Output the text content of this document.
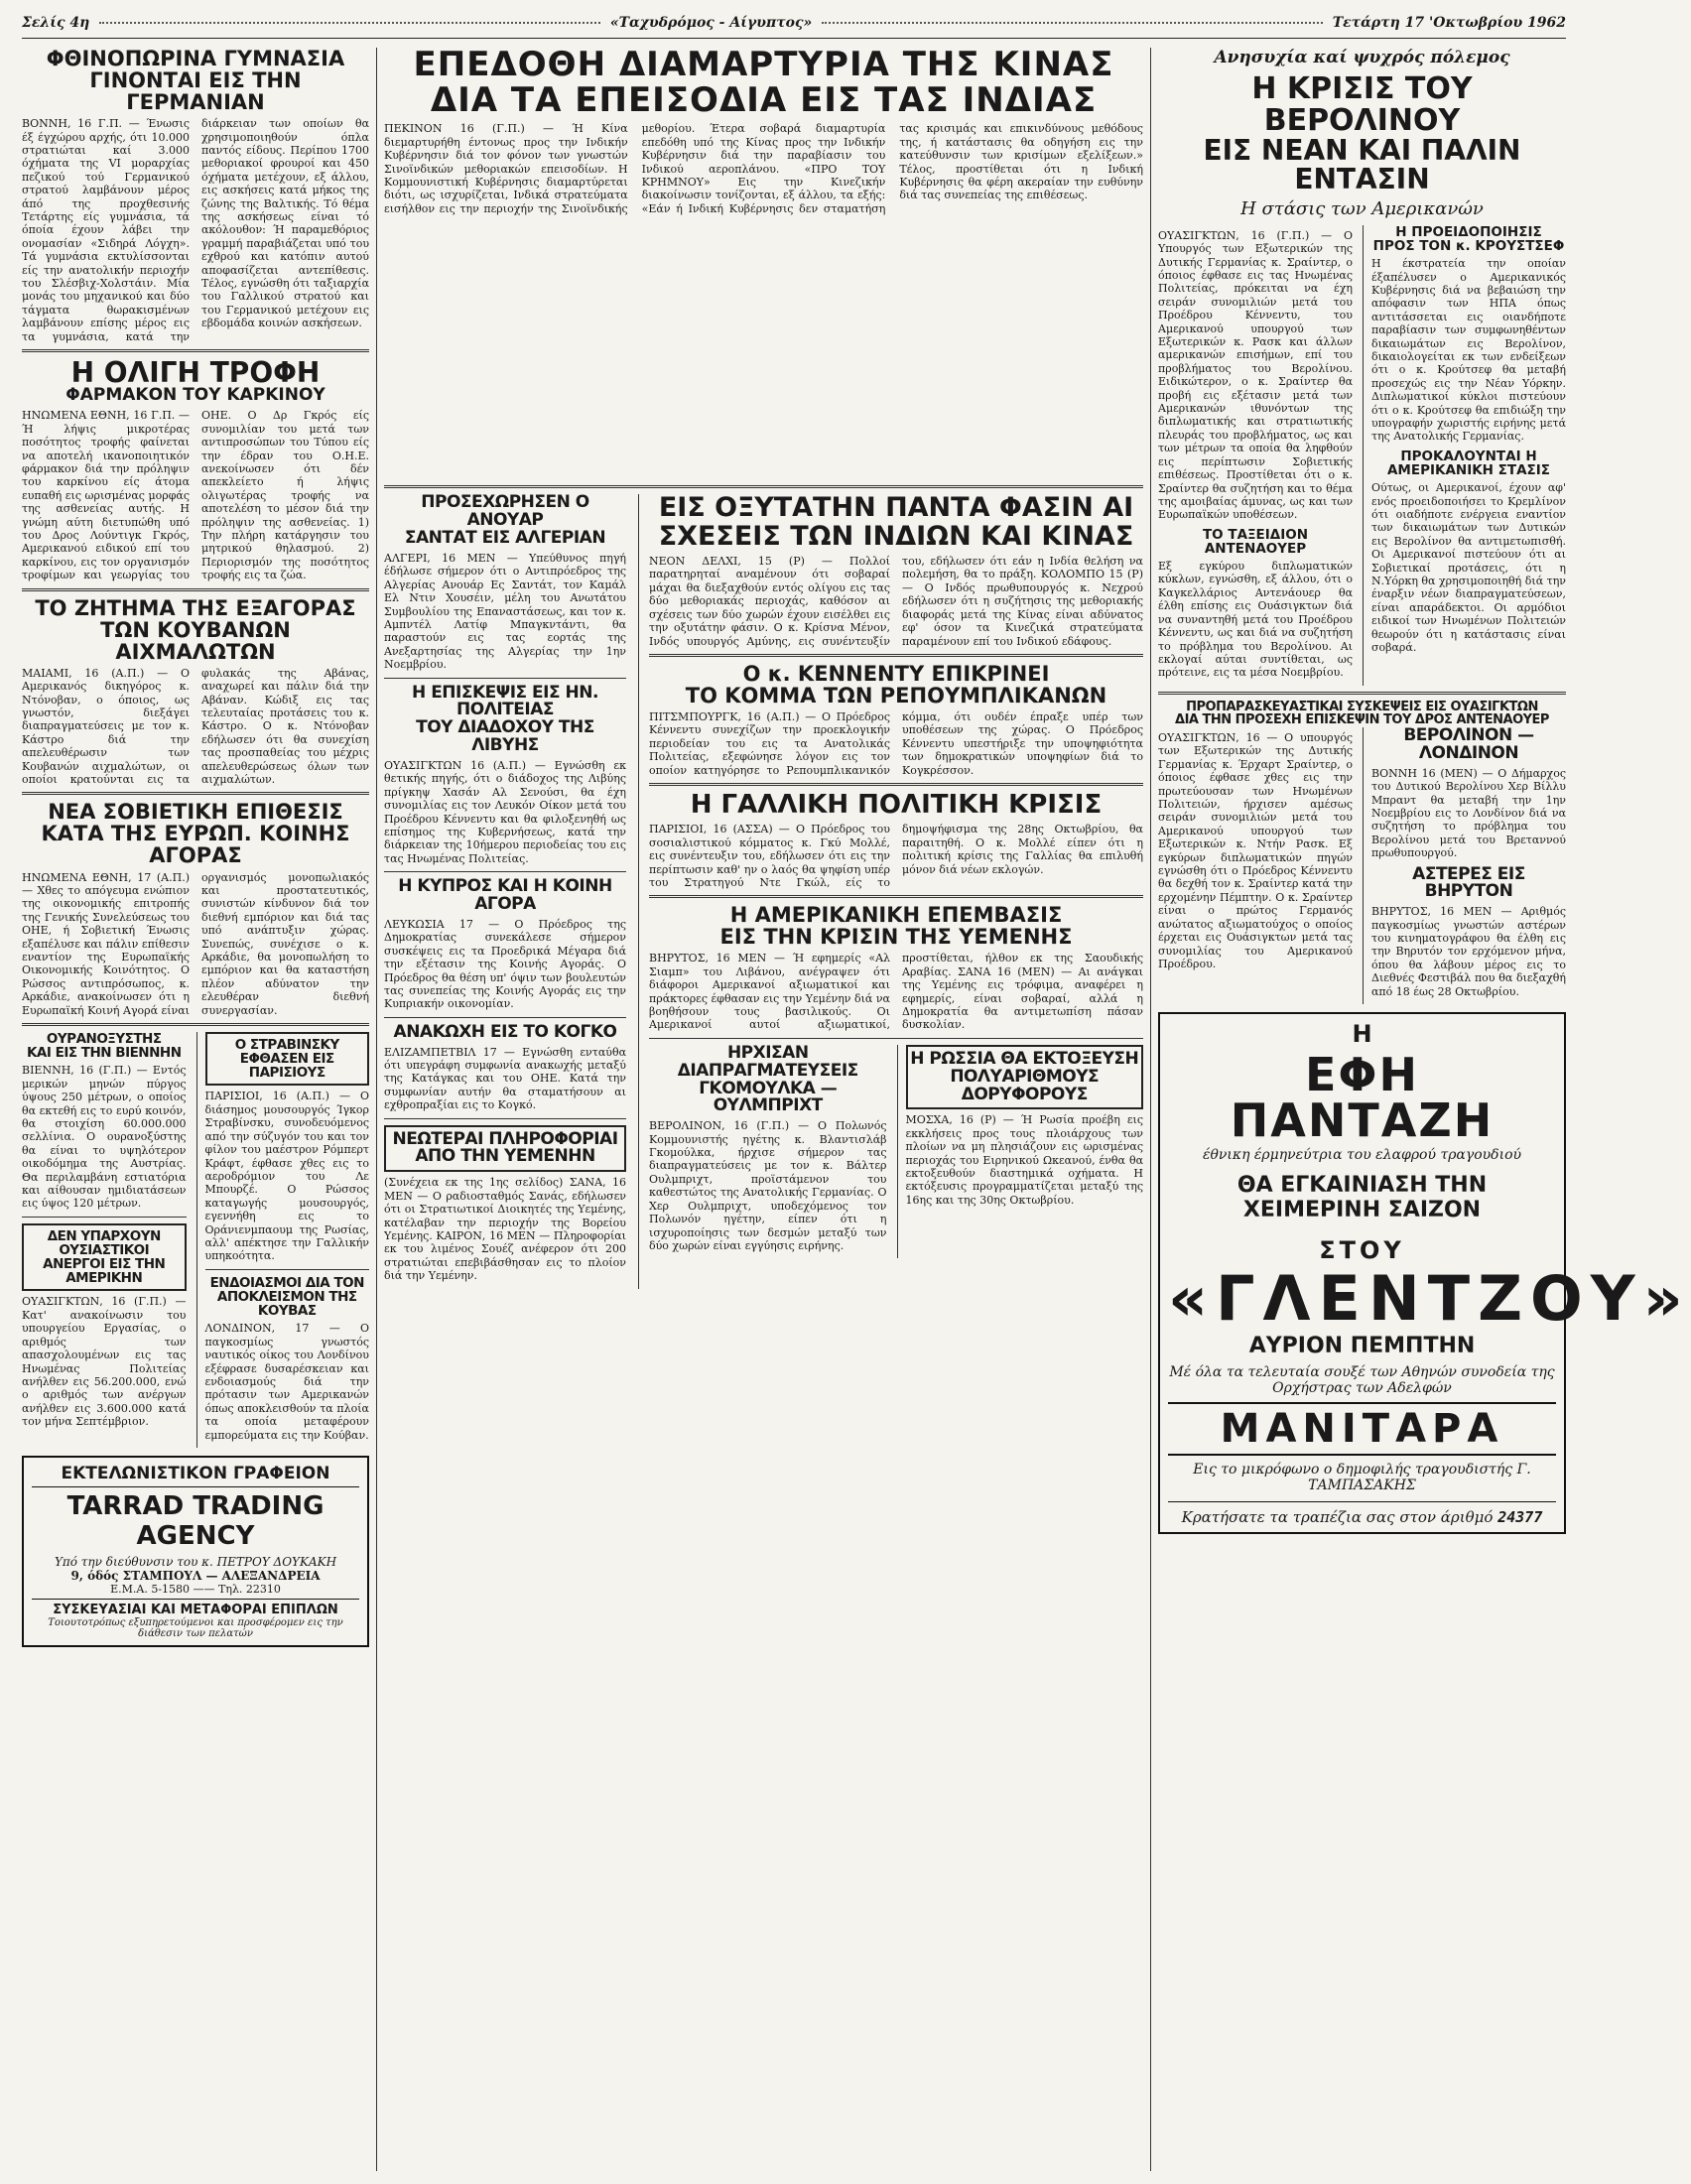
Σελίς 4η	«Ταχυδρόμος - Αίγυπτος»	Τετάρτη 17 'Οκτωβρίου 1962
ΦΘΙΝΟΠΩΡΙΝΑ ΓΥΜΝΑΣΙΑ ΓΙΝΟΝΤΑΙ ΕΙΣ ΤΗΝ ΓΕΡΜΑΝΙΑΝ
ΒΟΝΝΗ, 16 Γ.Π. — Ένωσις έξ έγχώρου αρχής, ότι 10.000 στρατιώται καί 3.000 όχήματα της VI μοραρχίας πεζικού τού Γερμανικού στρατού λαμβάνουν μέρος άπό της προχθεσινής Τετάρτης είς γυμνάσια, τά όποία έχουν λάβει την ονομασίαν «Σιδηρά Λόγχη». Τά γυμνάσια εκτυλίσσονται είς την ανατολικήν περιοχήν του Σλέσβιχ-Χολστάιν. Μία μονάς του μηχανικού και δύο τάγματα θωρακισμένων λαμβάνουν επίσης μέρος εις τα γυμνάσια, κατά την διάρκειαν των οποίων θα χρησιμοποιηθούν όπλα παντός είδους. Περίπου 1700 μεθοριακοί φρουροί και 450 όχήματα μετέχουν, εξ άλλου, εις ασκήσεις κατά μήκος της ζώνης της Βαλτικής. Τό θέμα της ασκήσεως είναι τό ακόλουθον: Ή παραμεθόριος γραμμή παραβιάζεται υπό του εχθρού και κατόπιν αυτού αποφασίζεται αντεπίθεσις. Τέλος, εγνώσθη ότι ταξιαρχία του Γαλλικού στρατού και του Γερμανικού μετέχουν εις εβδομάδα κοινών ασκήσεων.
Η ΟΛΙΓΗ ΤΡΟΦΗ
ΦΑΡΜΑΚΟΝ ΤΟΥ ΚΑΡΚΙΝΟΥ
ΗΝΩΜΕΝΑ ΕΘΝΗ, 16 Γ.Π. — Ή λήψις μικροτέρας ποσότητος τροφής φαίνεται να αποτελή ικανοποιητικόν φάρμακον διά την πρόληψιν του καρκίνου είς άτομα ευπαθή εις ωρισμένας μορφάς της ασθενείας αυτής. Η γνώμη αύτη διετυπώθη υπό του Δρος Λούντιγκ Γκρός, Αμερικανού ειδικού επί του καρκίνου, εις τον οργανισμόν τροφίμων και γεωργίας του ΟΗΕ. Ο Δρ Γκρός είς συνομιλίαν του μετά των αντιπροσώπων του Τύπου είς την έδραν του Ο.Η.Ε. ανεκοίνωσεν ότι δέν απεκλείετο ή λήψις ολιγωτέρας τροφής να αποτελέση το μέσον διά την πρόληψιν της ασθενείας. 1) Την πλήρη κατάργησιν του μητρικού θηλασμού. 2) Περιορισμόν της ποσότητος τροφής εις τα ζώα.
ΤΟ ΖΗΤΗΜΑ ΤΗΣ ΕΞΑΓΟΡΑΣ
ΤΩΝ ΚΟΥΒΑΝΩΝ ΑΙΧΜΑΛΩΤΩΝ
ΜΑΙΑΜΙ, 16 (Α.Π.) — Ο Αμερικανός δικηγόρος κ. Ντόνοβαν, ο όποιος, ως γνωστόν, διεξάγει διαπραγματεύσεις με τον κ. Κάστρο διά την απελευθέρωσιν των Κουβανών αιχμαλώτων, οι οποίοι κρατούνται εις τα φυλακάς της Αβάνας, αναχωρεί και πάλιν διά την Αβάναν. Κώδιξ εις τας τελευταίας προτάσεις του κ. Κάστρο. Ο κ. Ντόνοβαν εδήλωσεν ότι θα συνεχίση τας προσπαθείας του μέχρις απελευθερώσεως όλων των αιχμαλώτων.
ΝΕΑ ΣΟΒΙΕΤΙΚΗ ΕΠΙΘΕΣΙΣ
ΚΑΤΑ ΤΗΣ ΕΥΡΩΠ. ΚΟΙΝΗΣ ΑΓΟΡΑΣ
ΗΝΩΜΕΝΑ ΕΘΝΗ, 17 (Α.Π.) — Χθες το απόγευμα ενώπιον της οικονομικής επιτροπής της Γενικής Συνελεύσεως του ΟΗΕ, ή Σοβιετική Ένωσις εξαπέλυσε και πάλιν επίθεσιν εναντίον της Ευρωπαϊκής Οικονομικής Κοινότητος. Ο Ρώσσος αντιπρόσωπος, κ. Αρκάδιε, ανακοίνωσεν ότι η Ευρωπαϊκή Κοινή Αγορά είναι οργανισμός μονοπωλιακός και προστατευτικός, συνιστών κίνδυνον διά τον διεθνή εμπόριον και διά τας υπό ανάπτυξιν χώρας. Συνεπώς, συνέχισε ο κ. Αρκάδιε, θα μονοπωλήση το εμπόριον και θα καταστήση πλέον αδύνατον την ελευθέραν διεθνή συνεργασίαν.
ΟΥΡΑΝΟΞΥΣΤΗΣ
ΚΑΙ ΕΙΣ ΤΗΝ ΒΙΕΝΝΗΝ
ΒΙΕΝΝΗ, 16 (Γ.Π.) — Εντός μερικών μηνών πύργος ύψους 250 μέτρων, ο οποίος θα εκτεθή εις το ευρύ κοινόν, θα στοιχίση 60.000.000 σελλίνια. Ο ουρανοξύστης θα είναι το υψηλότερον οικοδόμημα της Αυστρίας. Θα περιλαμβάνη εστιατόρια και αίθουσαν ημιδιατάσεων εις ύψος 120 μέτρων.
ΔΕΝ ΥΠΑΡΧΟΥΝ ΟΥΣΙΑΣΤΙΚΟΙ
ΑΝΕΡΓΟΙ ΕΙΣ ΤΗΝ ΑΜΕΡΙΚΗΝ
ΟΥΑΣΙΓΚΤΩΝ, 16 (Γ.Π.) — Κατ' ανακοίνωσιν του υπουργείου Εργασίας, ο αριθμός των απασχολουμένων εις τας Ηνωμένας Πολιτείας ανήλθεν εις 56.200.000, ενώ ο αριθμός των ανέργων ανήλθεν εις 3.600.000 κατά τον μήνα Σεπτέμβριον.
Ο ΣΤΡΑΒΙΝΣΚΥ
ΕΦΘΑΣΕΝ ΕΙΣ ΠΑΡΙΣΙΟΥΣ
ΠΑΡΙΣΙΟΙ, 16 (Α.Π.) — Ο διάσημος μουσουργός Ίγκορ Στραβίνσκυ, συνοδευόμενος από την σύζυγόν του και τον φίλον του μαέστρον Ρόμπερτ Κράφτ, έφθασε χθες εις το αεροδρόμιον του Λε Μπουρζέ. Ο Ρώσσος καταγωγής μουσουργός, εγεννήθη εις το Οράνιενμπαουμ της Ρωσίας, αλλ' απέκτησε την Γαλλικήν υπηκοότητα.
ΕΝΔΟΙΑΣΜΟΙ ΔΙΑ ΤΟΝ
ΑΠΟΚΛΕΙΣΜΟΝ ΤΗΣ ΚΟΥΒΑΣ
ΛΟΝΔΙΝΟΝ, 17 — Ο παγκοσμίως γνωστός ναυτικός οίκος του Λονδίνου εξέφρασε δυσαρέσκειαν και ενδοιασμούς διά την πρότασιν των Αμερικανών όπως αποκλεισθούν τα πλοία τα οποία μεταφέρουν εμπορεύματα εις την Κούβαν.
ΕΚΤΕΛΩΝΙΣΤΙΚΟΝ ΓΡΑΦΕΙΟΝ
TARRAD TRADING AGENCY
Υπό την διεύθυνσιν του κ. ΠΕΤΡΟΥ ΔΟΥΚΑΚΗ
9, όδός ΣΤΑΜΠΟΥΛ — ΑΛΕΞΑΝΔΡΕΙΑ
Ε.Μ.Α. 5-1580 —— Τηλ. 22310
ΣΥΣΚΕΥΑΣΙΑΙ ΚΑΙ ΜΕΤΑΦΟΡΑΙ ΕΠΙΠΛΩΝ
Τοιουτοτρόπως εξυπηρετούμενοι και προσφέρομεν εις την διάθεσιν των πελατών
ΕΠΕΔΟΘΗ ΔΙΑΜΑΡΤΥΡΙΑ ΤΗΣ ΚΙΝΑΣ
ΔΙΑ ΤΑ ΕΠΕΙΣΟΔΙΑ ΕΙΣ ΤΑΣ ΙΝΔΙΑΣ
ΠΕΚΙΝΟΝ 16 (Γ.Π.) — Ή Κίνα διεμαρτυρήθη έντονως προς την Ινδικήν Κυβέρνησιν διά τον φόνον των γνωστών Σινοϊνδικών μεθοριακών επεισοδίων. Η Κομμουνιστική Κυβέρνησις διαμαρτύρεται διότι, ως ισχυρίζεται, Ινδικά στρατεύματα εισήλθον εις την περιοχήν της Σινοϊνδικής μεθορίου. Έτερα σοβαρά διαμαρτυρία επεδόθη υπό της Κίνας προς την Ινδικήν Κυβέρνησιν διά την παραβίασιν του Ινδικού αεροπλάνου. «ΠΡΟ ΤΟΥ ΚΡΗΜΝΟΥ» Εις την Κινεζικήν διακοίνωσιν τονίζονται, εξ άλλου, τα εξής: «Εάν ή Ινδική Κυβέρνησις δεν σταματήση τας κρισιμάς και επικινδύνους μεθόδους της, ή κατάστασις θα οδηγήση εις την κατεύθυνσιν των κρισίμων εξελίξεων.» Τέλος, προστίθεται ότι η Ινδική Κυβέρνησις θα φέρη ακεραίαν την ευθύνην διά τας συνεπείας της επιθέσεως.
ΠΡΟΣΕΧΩΡΗΣΕΝ Ο ΑΝΟΥΑΡ
ΣΑΝΤΑΤ ΕΙΣ ΑΛΓΕΡΙΑΝ
ΑΛΓΕΡΙ, 16 ΜΕΝ — Υπεύθυνος πηγή έδήλωσε σήμερον ότι ο Αντιπρόεδρος της Αλγερίας Ανουάρ Ες Σαντάτ, τον Καμάλ Ελ Ντιν Χουσέιν, μέλη του Ανωτάτου Συμβουλίου της Επαναστάσεως, και τον κ. Αμπντέλ Λατίφ Μπαγκντάντι, θα παραστούν εις τας εορτάς της Ανεξαρτησίας της Αλγερίας την 1ην Νοεμβρίου.
Η ΕΠΙΣΚΕΨΙΣ ΕΙΣ ΗΝ. ΠΟΛΙΤΕΙΑΣ
ΤΟΥ ΔΙΑΔΟΧΟΥ ΤΗΣ ΛΙΒΥΗΣ
ΟΥΑΣΙΓΚΤΩΝ 16 (Α.Π.) — Εγνώσθη εκ θετικής πηγής, ότι ο διάδοχος της Λιβύης πρίγκηψ Χασάν Αλ Σενούσι, θα έχη συνομιλίας εις τον Λευκόν Οίκον μετά του Προέδρου Κέννεντυ και θα φιλοξενηθή ως επίσημος της Κυβερνήσεως, κατά την διάρκειαν της 10ήμερου περιοδείας του εις τας Ηνωμένας Πολιτείας.
Η ΚΥΠΡΟΣ ΚΑΙ Η ΚΟΙΝΗ ΑΓΟΡΑ
ΛΕΥΚΩΣΙΑ 17 — Ο Πρόεδρος της Δημοκρατίας συνεκάλεσε σήμερον συσκέψεις εις τα Προεδρικά Μέγαρα διά την εξέτασιν της Κοινής Αγοράς. Ο Πρόεδρος θα θέση υπ' όψιν των βουλευτών τας συνεπείας της Κοινής Αγοράς εις την Κυπριακήν οικονομίαν.
ΑΝΑΚΩΧΗ ΕΙΣ ΤΟ ΚΟΓΚΟ
ΕΛΙΖΑΜΠΕΤΒΙΛ 17 — Εγνώσθη ενταύθα ότι υπεγράφη συμφωνία ανακωχής μεταξύ της Κατάγκας και του ΟΗΕ. Κατά την συμφωνίαν αυτήν θα σταματήσουν αι εχθροπραξίαι εις το Κογκό.
ΝΕΩΤΕΡΑΙ ΠΛΗΡΟΦΟΡΙΑΙ
ΑΠΟ ΤΗΝ ΥΕΜΕΝΗΝ
(Συνέχεια εκ της 1ης σελίδος) ΣΑΝΑ, 16 ΜΕΝ — Ο ραδιοσταθμός Σανάς, εδήλωσεν ότι οι Στρατιωτικοί Διοικητές της Υεμένης, κατέλαβαν την περιοχήν της Βορείου Υεμένης. ΚΑΙΡΟΝ, 16 ΜΕΝ — Πληροφορίαι εκ του λιμένος Σουέζ ανέφερον ότι 200 στρατιώται επεβιβάσθησαν εις το πλοίον διά την Υεμένην.
ΕΙΣ ΟΞΥΤΑΤΗΝ ΠΑΝΤΑ ΦΑΣΙΝ ΑΙ ΣΧΕΣΕΙΣ ΤΩΝ ΙΝΔΙΩΝ ΚΑΙ ΚΙΝΑΣ
ΝΕΟΝ ΔΕΛΧΙ, 15 (Ρ) — Πολλοί παρατηρηταί αναμένουν ότι σοβαραί μάχαι θα διεξαχθούν εντός ολίγου εις τας δύο μεθοριακάς περιοχάς, καθόσον αι σχέσεις των δύο χωρών έχουν εισέλθει εις την οξυτάτην φάσιν. Ο κ. Κρίσνα Μένον, Ινδός υπουργός Αμύνης, εις συνέντευξίν του, εδήλωσεν ότι εάν η Ινδία θελήση να πολεμήση, θα το πράξη. ΚΟΛΟΜΠΟ 15 (Ρ) — Ο Ινδός πρωθυπουργός κ. Νεχρού εδήλωσεν ότι η συζήτησις της μεθοριακής διαφοράς μετά της Κίνας είναι αδύνατος εφ' όσον τα Κινεζικά στρατεύματα παραμένουν επί του Ινδικού εδάφους.
Ο κ. ΚΕΝΝΕΝΤΥ ΕΠΙΚΡΙΝΕΙ
ΤΟ ΚΟΜΜΑ ΤΩΝ ΡΕΠΟΥΜΠΛΙΚΑΝΩΝ
ΠΙΤΣΜΠΟΥΡΓΚ, 16 (Α.Π.) — Ο Πρόεδρος Κέννεντυ συνεχίζων την προεκλογικήν περιοδείαν του εις τα Ανατολικάς Πολιτείας, εξεφώνησε λόγον εις τον οποίον κατηγόρησε το Ρεπουμπλικανικόν κόμμα, ότι ουδέν έπραξε υπέρ των υποθέσεων της χώρας. Ο Πρόεδρος Κέννεντυ υπεστήριξε την υποψηφιότητα των δημοκρατικών υποψηφίων διά το Κογκρέσσον.
Η ΓΑΛΛΙΚΗ ΠΟΛΙΤΙΚΗ ΚΡΙΣΙΣ
ΠΑΡΙΣΙΟΙ, 16 (ΑΣΣΑ) — Ο Πρόεδρος του σοσιαλιστικού κόμματος κ. Γκύ Μολλέ, εις συνέντευξιν του, εδήλωσεν ότι εις την περίπτωσιν καθ' ην ο λαός θα ψηφίση υπέρ του Στρατηγού Ντε Γκώλ, είς το δημοψήφισμα της 28ης Οκτωβρίου, θα παραιτηθή. Ο κ. Μολλέ είπεν ότι η πολιτική κρίσις της Γαλλίας θα επιλυθή μόνον διά νέων εκλογών.
Η ΑΜΕΡΙΚΑΝΙΚΗ ΕΠΕΜΒΑΣΙΣ
ΕΙΣ ΤΗΝ ΚΡΙΣΙΝ ΤΗΣ ΥΕΜΕΝΗΣ
ΒΗΡΥΤΟΣ, 16 ΜΕΝ — Ή εφημερίς «Αλ Σιαμπ» του Λιβάνου, ανέγραψεν ότι διάφοροι Αμερικανοί αξιωματικοί και πράκτορες έφθασαν εις την Υεμένην διά να βοηθήσουν τους βασιλικούς. Οι Αμερικανοί αυτοί αξιωματικοί, προστίθεται, ήλθον εκ της Σαουδικής Αραβίας. ΣΑΝΑ 16 (ΜΕΝ) — Αι ανάγκαι της Υεμένης εις τρόφιμα, αναφέρει η εφημερίς, είναι σοβαραί, αλλά η Δημοκρατία θα αντιμετωπίση πάσαν δυσκολίαν.
ΗΡΧΙΣΑΝ ΔΙΑΠΡΑΓΜΑΤΕΥΣΕΙΣ
ΓΚΟΜΟΥΛΚΑ — ΟΥΛΜΠΡΙΧΤ
ΒΕΡΟΛΙΝΟΝ, 16 (Γ.Π.) — Ο Πολωνός Κομμουνιστής ηγέτης κ. Βλαντισλάβ Γκομούλκα, ήρχισε σήμερον τας διαπραγματεύσεις με τον κ. Βάλτερ Ουλμπριχτ, προϊστάμενον του καθεστώτος της Ανατολικής Γερμανίας. Ο Χερ Ουλμπριχτ, υποδεχόμενος τον Πολωνόν ηγέτην, είπεν ότι η ισχυροποίησις των δεσμών μεταξύ των δύο χωρών είναι εγγύησις ειρήνης.
Η ΡΩΣΣΙΑ ΘΑ ΕΚΤΟΞΕΥΣΗ
ΠΟΛΥΑΡΙΘΜΟΥΣ ΔΟΡΥΦΟΡΟΥΣ
ΜΟΣΧΑ, 16 (Ρ) — Ή Ρωσία προέβη εις εκκλήσεις προς τους πλοιάρχους των πλοίων να μη πλησιάζουν εις ωρισμένας περιοχάς του Ειρηνικού Ωκεανού, ένθα θα εκτοξευθούν διαστημικά οχήματα. Η εκτόξευσις προγραμματίζεται μεταξύ της 16ης και της 30ης Οκτωβρίου.
Ανησυχία καί ψυχρός πόλεμος
Η ΚΡΙΣΙΣ ΤΟΥ ΒΕΡΟΛΙΝΟΥ
ΕΙΣ ΝΕΑΝ ΚΑΙ ΠΑΛΙΝ ΕΝΤΑΣΙΝ
Η στάσις των Αμερικανών
ΟΥΑΣΙΓΚΤΩΝ, 16 (Γ.Π.) — Ο Υπουργός των Εξωτερικών της Δυτικής Γερμανίας κ. Σραίντερ, ο όποιος έφθασε εις τας Ηνωμένας Πολιτείας, πρόκειται να έχη σειράν συνομιλιών μετά του Προέδρου Κέννεντυ, του Αμερικανού υπουργού των Εξωτερικών κ. Ρασκ και άλλων αμερικανών επισήμων, επί του προβλήματος του Βερολίνου. Ειδικώτερον, ο κ. Σραίντερ θα προβή εις εξέτασιν μετά των Αμερικανών ιθυνόντων της διπλωματικής και στρατιωτικής πλευράς του προβλήματος, ως και των μέτρων τα οποία θα ληφθούν εις περίπτωσιν Σοβιετικής επιθέσεως. Προστίθεται ότι ο κ. Σραίντερ θα συζητήση και το θέμα της αμοιβαίας άμυνας, ως και των Ευρωπαϊκών υποθέσεων.
ΤΟ ΤΑΞΕΙΔΙΟΝ ΑΝΤΕΝΑΟΥΕΡ
Εξ εγκύρου διπλωματικών κύκλων, εγνώσθη, εξ άλλου, ότι ο Καγκελλάριος Αντενάουερ θα έλθη επίσης εις Ουάσιγκτων διά να συναντηθή μετά του Προέδρου Κέννεντυ, ως και διά να συζητήση το πρόβλημα του Βερολίνου. Αι εκλογαί αύται συντίθεται, ως πρότεινε, εις τα μέσα Νοεμβρίου.
Η ΠΡΟΕΙΔΟΠΟΙΗΣΙΣ
ΠΡΟΣ ΤΟΝ κ. ΚΡΟΥΣΤΣΕΦ
Η έκστρατεία την οποίαν έξαπέλυσεν ο Αμερικανικός Κυβέρνησις διά να βεβαιώση την απόφασιν των ΗΠΑ όπως αντιτάσσεται εις οιανδήποτε παραβίασιν των συμφωνηθέντων δικαιωμάτων εις Βερολίνον, δικαιολογείται εκ των ενδείξεων ότι ο κ. Κρούτσεφ θα μεταβή προσεχώς εις την Νέαν Υόρκην. Διπλωματικοί κύκλοι πιστεύουν ότι ο κ. Κρούτσεφ θα επιδιώξη την υπογραφήν χωριστής ειρήνης μετά της Ανατολικής Γερμανίας.
ΠΡΟΚΑΛΟΥΝΤΑΙ Η ΑΜΕΡΙΚΑΝΙΚΗ ΣΤΑΣΙΣ
Ούτως, οι Αμερικανοί, έχουν αφ' ενός προειδοποιήσει το Κρεμλίνον ότι οιαδήποτε ενέργεια εναντίον των δικαιωμάτων των Δυτικών εις Βερολίνον θα αντιμετωπισθή. Οι Αμερικανοί πιστεύουν ότι αι Σοβιετικαί προτάσεις, ότι η Ν.Υόρκη θα χρησιμοποιηθή διά την έναρξιν νέων διαπραγματεύσεων, είναι απαράδεκτοι. Οι αρμόδιοι ειδικοί των Ηνωμένων Πολιτειών θεωρούν ότι η κατάστασις είναι σοβαρά.
ΠΡΟΠΑΡΑΣΚΕΥΑΣΤΙΚΑΙ ΣΥΣΚΕΨΕΙΣ ΕΙΣ ΟΥΑΣΙΓΚΤΩΝ
ΔΙΑ ΤΗΝ ΠΡΟΣΕΧΗ ΕΠΙΣΚΕΨΙΝ ΤΟΥ ΔΡΟΣ ΑΝΤΕΝΑΟΥΕΡ
ΟΥΑΣΙΓΚΤΩΝ, 16 — Ο υπουργός των Εξωτερικών της Δυτικής Γερμανίας κ. Έρχαρτ Σραίντερ, ο όποιος έφθασε χθες εις την πρωτεύουσαν των Ηνωμένων Πολιτειών, ήρχισεν αμέσως σειράν συνομιλιών μετά του Αμερικανού υπουργού των Εξωτερικών κ. Ντήν Ρασκ. Εξ εγκύρων διπλωματικών πηγών εγνώσθη ότι ο Πρόεδρος Κέννεντυ θα δεχθή τον κ. Σραίντερ κατά την ερχομένην Πέμπτην. Ο κ. Σραίντερ είναι ο πρώτος Γερμανός ανώτατος αξιωματούχος ο οποίος έρχεται εις Ουάσιγκτων μετά τας συνομιλίας του Αμερικανού Προέδρου.
ΒΕΡΟΛΙΝΟΝ — ΛΟΝΔΙΝΟΝ
ΒΟΝΝΗ 16 (ΜΕΝ) — Ο Δήμαρχος του Δυτικού Βερολίνου Χερ Βίλλυ Μπραντ θα μεταβή την 1ην Νοεμβρίου εις το Λονδίνον διά να συζητήση το πρόβλημα του Βερολίνου μετά του Βρεταννού πρωθυπουργού.
ΑΣΤΕΡΕΣ ΕΙΣ ΒΗΡΥΤΟΝ
ΒΗΡΥΤΟΣ, 16 ΜΕΝ — Αριθμός παγκοσμίως γνωστών αστέρων του κινηματογράφου θα έλθη εις την Βηρυτόν τον ερχόμενον μήνα, όπου θα λάβουν μέρος εις το Διεθνές Φεστιβάλ που θα διεξαχθή από 18 έως 28 Οκτωβρίου.
Η
ΕΦΗ ΠΑΝΤΑΖΗ
έθνικη έρμηνεύτρια του ελαφρού τραγουδιού
ΘΑ ΕΓΚΑΙΝΙΑΣΗ ΤΗΝ ΧΕΙΜΕΡΙΝΗ ΣΑΙΖΟΝ
ΣΤΟΥ
«ΓΛΕΝΤΖΟΥ»
ΑΥΡΙΟΝ ΠΕΜΠΤΗΝ
Μέ όλα τα τελευταία σουξέ των Αθηνών συνοδεία της Ορχήστρας των Αδελφών
ΜΑΝΙΤΑΡΑ
Εις το μικρόφωνο ο δημοφιλής τραγουδιστής Γ. ΤΑΜΠΑΣΑΚΗΣ
Κρατήσατε τα τραπέζια σας στον άριθμό 24377
